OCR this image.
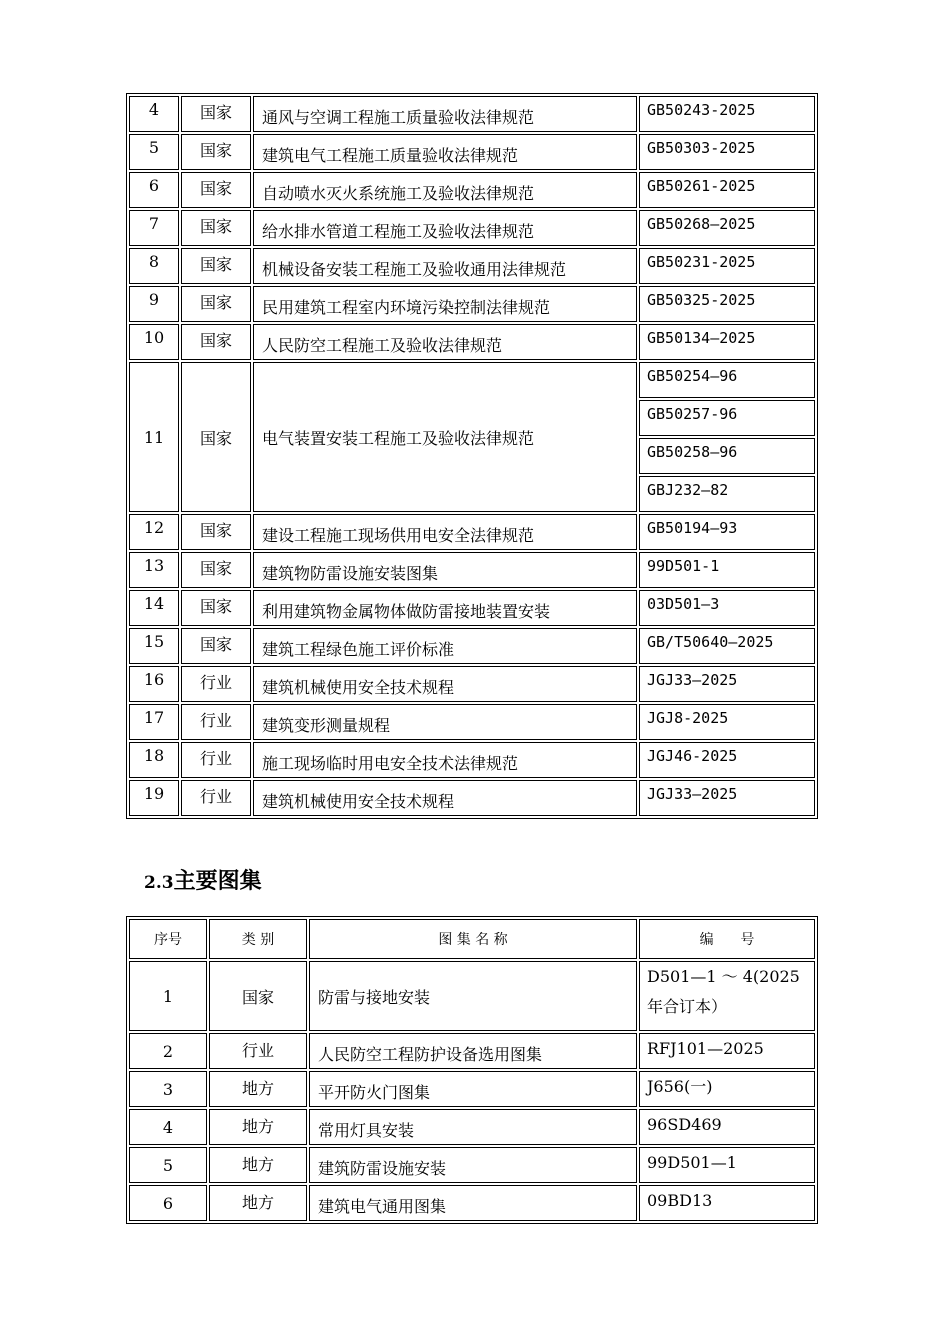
4	国家	通风与空调工程施工质量验收法律规范	GB50243-2025

5	国家	建筑电气工程施工质量验收法律规范	GB50303-2025

6	国家	自动喷水灭火系统施工及验收法律规范	GB50261-2025

7	国家	给水排水管道工程施工及验收法律规范	GB50268—2025

8	国家	机械设备安装工程施工及验收通用法律规范	GB50231-2025

9	国家	民用建筑工程室内环境污染控制法律规范	GB50325-2025

10	国家	人民防空工程施工及验收法律规范	GB50134—2025

11	国家	电气装置安装工程施工及验收法律规范	GB50254—96

			GB50257-96

			GB50258—96

			GBJ232—82

12	国家	建设工程施工现场供用电安全法律规范	GB50194—93

13	国家	建筑物防雷设施安装图集	99D501-1

14	国家	利用建筑物金属物体做防雷接地装置安装	03D501—3

15	国家	建筑工程绿色施工评价标准	GB/T50640—2025

16	行业	建筑机械使用安全技术规程	JGJ33—2025

17	行业	建筑变形测量规程	JGJ8-2025

18	行业	施工现场临时用电安全技术法律规范	JGJ46-2025

19	行业	建筑机械使用安全技术规程	JGJ33—2025
2.3主要图集
序号	类 别	图 集 名 称	编      号
1	国家	防雷与接地安装	D501—1 ～ 4(2025年合订本）

2	行业	人民防空工程防护设备选用图集	RFJ101—2025

3	地方	平开防火门图集	J656(一)

4	地方	常用灯具安装	96SD469

5	地方	建筑防雷设施安装	99D501—1

6	地方	建筑电气通用图集	09BD13
